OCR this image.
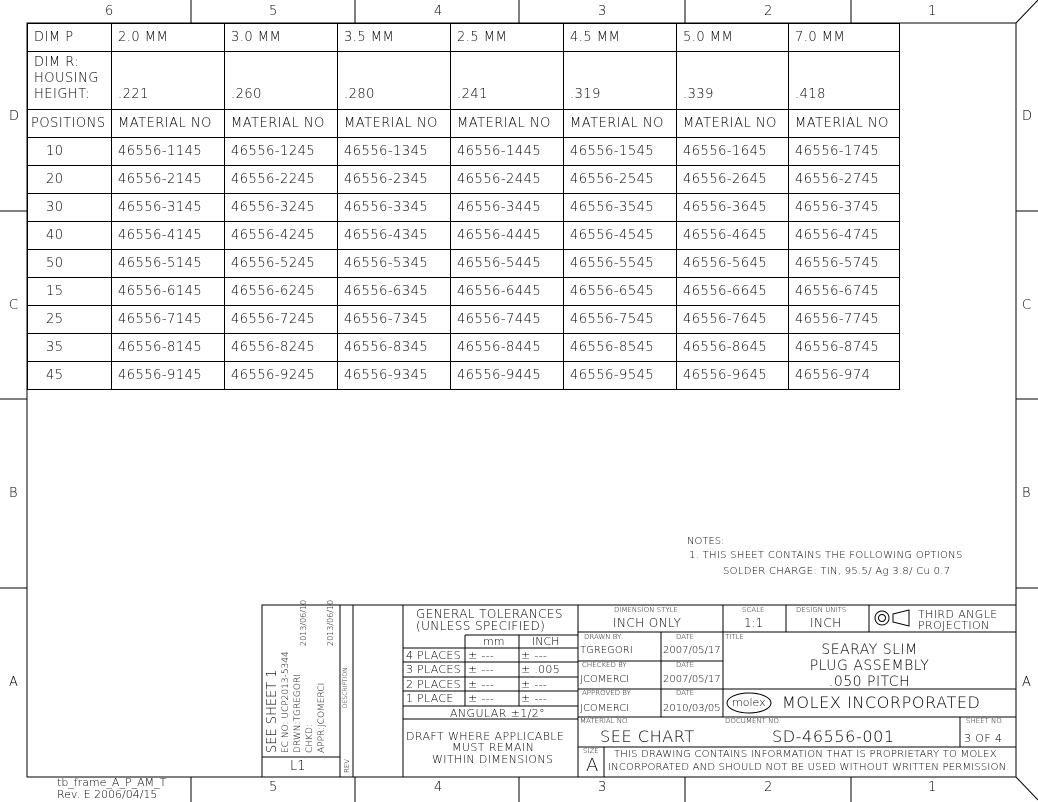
6	5	4	3	2	1
5	4	3	2	1
D
C
B
A
D
C
B
A
DIM P	2.0 MM	3.0 MM	3.5 MM	2.5 MM	4.5 MM	5.0 MM	7.0 MM
DIM R:
HOUSING
HEIGHT:	.221	.260	.280	.241	.319	.339	.418
POSITIONS	MATERIAL NO	MATERIAL NO	MATERIAL NO	MATERIAL NO	MATERIAL NO	MATERIAL NO	MATERIAL NO
10	46556-1145	46556-1245	46556-1345	46556-1445	46556-1545	46556-1645	46556-1745
20	46556-2145	46556-2245	46556-2345	46556-2445	46556-2545	46556-2645	46556-2745
30	46556-3145	46556-3245	46556-3345	46556-3445	46556-3545	46556-3645	46556-3745
40	46556-4145	46556-4245	46556-4345	46556-4445	46556-4545	46556-4645	46556-4745
50	46556-5145	46556-5245	46556-5345	46556-5445	46556-5545	46556-5645	46556-5745
15	46556-6145	46556-6245	46556-6345	46556-6445	46556-6545	46556-6645	46556-6745
25	46556-7145	46556-7245	46556-7345	46556-7445	46556-7545	46556-7645	46556-7745
35	46556-8145	46556-8245	46556-8345	46556-8445	46556-8545	46556-8645	46556-8745
45	46556-9145	46556-9245	46556-9345	46556-9445	46556-9545	46556-9645	46556-974
NOTES:
1. THIS SHEET CONTAINS THE FOLLOWING OPTIONS
SOLDER CHARGE: TIN, 95.5/ Ag 3.8/ Cu 0.7
SEE SHEET 1 EC NO: UCP2013-5344 DRWN:TGREGORI
2013/06/10
CHKD: APPR:JCOMERCI
2013/06/10
DESCRIPTION
REV
L1
GENERAL TOLERANCES
(UNLESS SPECIFIED)
mm	INCH
4 PLACES ± --- ± ---
3 PLACES ± --- ± .005
2 PLACES ± --- ± ---
1 PLACE ± --- ± ---
ANGULAR ±1/2°
DRAFT WHERE APPLICABLE
MUST REMAIN
WITHIN DIMENSIONS
DIMENSION STYLE
INCH ONLY
SCALE
1:1
DESIGN UNITS
INCH
THIRD ANGLE
PROJECTION
DRAWN BY	DATE
TGREGORI	2007/05/17
CHECKED BY	DATE
JCOMERCI	2007/05/17
APPROVED BY	DATE
JCOMERCI	2010/03/05
TITLE
SEARAY SLIM
PLUG ASSEMBLY
.050 PITCH
molex MOLEX INCORPORATED
MATERIAL NO.
SEE CHART
DOCUMENT NO.
SD-46556-001
SHEET NO.
3 OF 4
SIZE
A
THIS DRAWING CONTAINS INFORMATION THAT IS PROPRIETARY TO MOLEX
INCORPORATED AND SHOULD NOT BE USED WITHOUT WRITTEN PERMISSION
tb_frame_A_P_AM_T
Rev. E 2006/04/15
